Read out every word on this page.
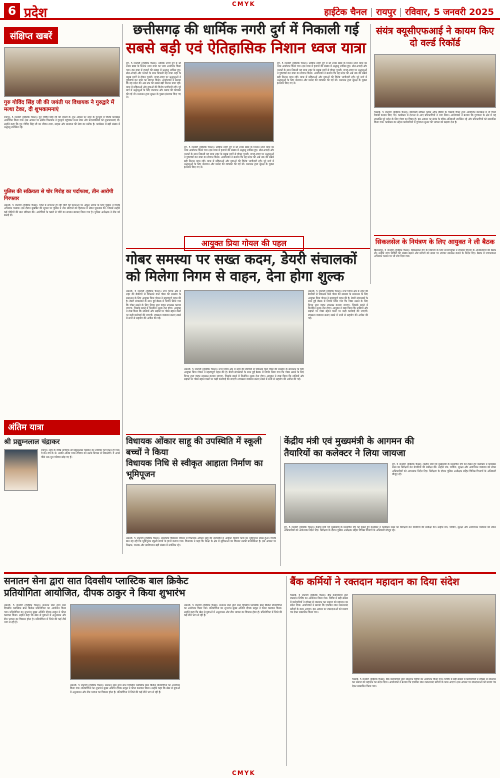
CMYK
6 प्रदेश	हाईटेक चैनल | रायपुर | रविवार, 5 जनवरी 2025
संक्षिप्त खबरें
गुरु गोविंद सिंह जी की जयंती पर विधायक ने गुरुद्वारे में मत्था टेका, दी शुभकामनाएं
रायपुर, 5 जनवरी (हाईटेक चैनल)। गुरु गोविंद सिंह जी की जयंती के शुभ अवसर पर शहर के गुरुद्वारे में विशेष कार्यक्रम आयोजित किया गया। इस अवसर पर क्षेत्रीय विधायक ने गुरुद्वारे पहुंचकर मत्था टेका और प्रदेशवासियों को शुभकामनाएं दीं। उन्होंने कहा कि गुरु गोविंद सिंह जी का जीवन त्याग, साहस और मानवता की सेवा का प्रतीक है। कार्यक्रम में बड़ी संख्या में श्रद्धालु उपस्थित रहे।
पुलिस की सक्रियता से चोर गिरोह का पर्दाफाश, तीन आरोपी गिरफ्तार
धमतरी, 5 जनवरी (हाईटेक चैनल)। जिले में लगातार हो रही चोरी की घटनाओं पर अंकुश लगाने के लिए पुलिस ने विशेष अभियान चलाया। इस दौरान मुखबिर की सूचना पर पुलिस ने तीन संदिग्धों को हिरासत में लेकर पूछताछ की, जिसमें उन्होंने कई चोरियों की बात स्वीकार की। आरोपियों के कब्जे से चोरी का सामान बरामद किया गया है। पुलिस अधीक्षक ने टीम को बधाई दी।
अंतिम यात्रा
श्री प्रद्युम्नलाल चंद्राकर
रायपुर। शहर के वरिष्ठ नागरिक श्री प्रद्युम्नलाल चंद्राकर का शनिवार को निधन हो गया। वे 84 वर्ष के थे। उनकी अंतिम यात्रा रविवार को उनके निवास से निकलेगी। वे अपने पीछे भरा-पूरा परिवार छोड़ गए हैं।
छत्तीसगढ़ की धार्मिक नगरी दुर्ग में निकाली गई
सबसे बड़ी एवं ऐतिहासिक निशान ध्वज यात्रा
दुर्ग, 5 जनवरी (हाईटेक चैनल)। धार्मिक नगरी दुर्ग में श्री श्याम बाबा के निशान ध्वज यात्रा का भव्य आयोजन किया गया। इस यात्रा में हजारों की संख्या में श्रद्धालु शामिल हुए। ढोल-नगाड़ों और भजनों के साथ निकली यह यात्रा शहर के प्रमुख मार्गों से होकर गुजरी। जगह-जगह पर श्रद्धालुओं ने पुष्पवर्षा कर यात्रा का स्वागत किया। आयोजकों ने बताया कि यह प्रदेश की अब तक की सबसे बड़ी निशान यात्रा रही। यात्रा में महिलाओं और युवाओं की विशेष भागीदारी रही। पूरे मार्ग में श्रद्धालुओं के लिए जलपान और प्रसाद की व्यवस्था की गई थी। प्रशासन द्वारा सुरक्षा के पुख्ता इंतजाम किए गए थे।
दुर्ग, 5 जनवरी (हाईटेक चैनल)। धार्मिक नगरी दुर्ग में श्री श्याम बाबा के निशान ध्वज यात्रा का भव्य आयोजन किया गया। इस यात्रा में हजारों की संख्या में श्रद्धालु शामिल हुए। ढोल-नगाड़ों और भजनों के साथ निकली यह यात्रा शहर के प्रमुख मार्गों से होकर गुजरी। जगह-जगह पर श्रद्धालुओं ने पुष्पवर्षा कर यात्रा का स्वागत किया। आयोजकों ने बताया कि यह प्रदेश की अब तक की सबसे बड़ी निशान यात्रा रही। यात्रा में महिलाओं और युवाओं की विशेष भागीदारी रही। पूरे मार्ग में श्रद्धालुओं के लिए जलपान और प्रसाद की व्यवस्था की गई थी। प्रशासन द्वारा सुरक्षा के पुख्ता इंतजाम किए गए थे।
दुर्ग, 5 जनवरी (हाईटेक चैनल)। धार्मिक नगरी दुर्ग में श्री श्याम बाबा के निशान ध्वज यात्रा का भव्य आयोजन किया गया। इस यात्रा में हजारों की संख्या में श्रद्धालु शामिल हुए। ढोल-नगाड़ों और भजनों के साथ निकली यह यात्रा शहर के प्रमुख मार्गों से होकर गुजरी। जगह-जगह पर श्रद्धालुओं ने पुष्पवर्षा कर यात्रा का स्वागत किया। आयोजकों ने बताया कि यह प्रदेश की अब तक की सबसे बड़ी निशान यात्रा रही। यात्रा में महिलाओं और युवाओं की विशेष भागीदारी रही। पूरे मार्ग में श्रद्धालुओं के लिए जलपान और प्रसाद की व्यवस्था की गई थी। प्रशासन द्वारा सुरक्षा के पुख्ता इंतजाम किए गए थे।
आयुक्त प्रिया गोयल की पहल
संयंत्र क्यूसीएफआई ने कायम किए दो वर्ल्ड रिकॉर्ड
भिलाई, 5 जनवरी (हाईटेक चैनल)। क्वालिटी सर्किल फोरम ऑफ इंडिया के भिलाई चैप्टर द्वारा आयोजित कार्यक्रम में दो विश्व रिकॉर्ड कायम किए गए। कार्यक्रम में देशभर से आए प्रतिभागियों ने भाग लिया। आयोजकों ने बताया कि गुणवत्ता के क्षेत्र में यह उपलब्धि पूरे प्रदेश के लिए गौरव का विषय है। इस अवसर पर संयंत्र के वरिष्ठ अधिकारी उपस्थित रहे और प्रतिभागियों को सम्मानित किया गया। कार्यक्रम का उद्देश्य कर्मचारियों में गुणवत्ता सुधार की भावना को बढ़ावा देना है।
सिकलसेल के नियंत्रण के लिए आयुक्त ने ली बैठक
बिलासपुर, 5 जनवरी (हाईटेक चैनल)। सिकलसेल रोग के नियंत्रण के लिए संभागायुक्त ने स्वास्थ्य विभाग के अधिकारियों की बैठक ली। उन्होंने जांच शिविरों की संख्या बढ़ाने और मरीजों को समय पर उपचार उपलब्ध कराने के निर्देश दिए। बैठक में जागरूकता अभियान चलाने पर भी जोर दिया गया।
गोबर समस्या पर सख्त कदम, डेयरी संचालकों
को मिलेगा निगम से वाहन, देना होगा शुल्क
धमतरी, 5 जनवरी (हाईटेक चैनल)। नगर निगम क्षेत्र में शहर की डेयरियों से निकलने वाले गोबर की समस्या के समाधान के लिए आयुक्त प्रिया गोयल ने महत्वपूर्ण पहल की है। डेयरी संचालकों के साथ हुई बैठक में निर्णय लिया गया कि गोबर उठाने के लिए निगम द्वारा वाहन उपलब्ध कराया जाएगा, जिसके बदले में निर्धारित शुल्क देना होगा। आयुक्त ने स्पष्ट किया कि नालियों और सड़कों पर गोबर बहाने वालों पर कड़ी कार्रवाई की जाएगी। स्वच्छता व्यवस्था बनाए रखने में सभी से सहयोग की अपील की गई।
धमतरी, 5 जनवरी (हाईटेक चैनल)। नगर निगम क्षेत्र में शहर की डेयरियों से निकलने वाले गोबर की समस्या के समाधान के लिए आयुक्त प्रिया गोयल ने महत्वपूर्ण पहल की है। डेयरी संचालकों के साथ हुई बैठक में निर्णय लिया गया कि गोबर उठाने के लिए निगम द्वारा वाहन उपलब्ध कराया जाएगा, जिसके बदले में निर्धारित शुल्क देना होगा। आयुक्त ने स्पष्ट किया कि नालियों और सड़कों पर गोबर बहाने वालों पर कड़ी कार्रवाई की जाएगी। स्वच्छता व्यवस्था बनाए रखने में सभी से सहयोग की अपील की गई।
धमतरी, 5 जनवरी (हाईटेक चैनल)। नगर निगम क्षेत्र में शहर की डेयरियों से निकलने वाले गोबर की समस्या के समाधान के लिए आयुक्त प्रिया गोयल ने महत्वपूर्ण पहल की है। डेयरी संचालकों के साथ हुई बैठक में निर्णय लिया गया कि गोबर उठाने के लिए निगम द्वारा वाहन उपलब्ध कराया जाएगा, जिसके बदले में निर्धारित शुल्क देना होगा। आयुक्त ने स्पष्ट किया कि नालियों और सड़कों पर गोबर बहाने वालों पर कड़ी कार्रवाई की जाएगी। स्वच्छता व्यवस्था बनाए रखने में सभी से सहयोग की अपील की गई।
विधायक ओंकार साहू की उपस्थिति में स्कूली बच्चों ने किया
विधायक निधि से स्वीकृत आहाता निर्माण का भूमिपूजन
धमतरी, 5 जनवरी (हाईटेक चैनल)। शासकीय विद्यालय परिसर में विधायक ओंकार साहू की उपस्थिति में आहाता निर्माण कार्य का भूमिपूजन संपन्न हुआ। विशेष बात यह रही कि भूमिपूजन स्कूली बच्चों के हाथों कराया गया। विधायक ने कहा कि शिक्षा के क्षेत्र में सुविधाओं का विस्तार उनकी प्राथमिकता है। इस अवसर पर शिक्षक, पालक और ग्रामीणजन बड़ी संख्या में उपस्थित रहे।
केंद्रीय मंत्री एवं मुख्यमंत्री के आगमन की
तैयारियों का कलेक्टर ने लिया जायजा
दुर्ग, 5 जनवरी (हाईटेक चैनल)। केंद्रीय मंत्री एवं मुख्यमंत्री के प्रस्तावित दौरे को देखते हुए कलेक्टर ने कार्यक्रम स्थल का निरीक्षण कर तैयारियों की समीक्षा की। उन्होंने मंच, पार्किंग, सुरक्षा और आवागमन व्यवस्था को लेकर अधिकारियों को आवश्यक निर्देश दिए। निरीक्षण के दौरान पुलिस अधीक्षक सहित विभिन्न विभागों के अधिकारी मौजूद रहे।
दुर्ग, 5 जनवरी (हाईटेक चैनल)। केंद्रीय मंत्री एवं मुख्यमंत्री के प्रस्तावित दौरे को देखते हुए कलेक्टर ने कार्यक्रम स्थल का निरीक्षण कर तैयारियों की समीक्षा की। उन्होंने मंच, पार्किंग, सुरक्षा और आवागमन व्यवस्था को लेकर अधिकारियों को आवश्यक निर्देश दिए। निरीक्षण के दौरान पुलिस अधीक्षक सहित विभिन्न विभागों के अधिकारी मौजूद रहे।
सनातन सेना द्वारा सात दिवसीय प्लास्टिक बाल क्रिकेट
प्रतियोगिता आयोजित, दीपक ठाकुर ने किया शुभारंभ
धमतरी, 5 जनवरी (हाईटेक चैनल)। सनातन सेना द्वारा सात दिवसीय प्लास्टिक बाल क्रिकेट प्रतियोगिता का आयोजन किया गया। प्रतियोगिता का शुभारंभ मुख्य अतिथि दीपक ठाकुर ने फीता काटकर किया। उन्होंने कहा कि खेल से युवाओं में अनुशासन और टीम भावना का विकास होता है। प्रतियोगिता में जिले की कई टीमें भाग ले रही हैं।
धमतरी, 5 जनवरी (हाईटेक चैनल)। सनातन सेना द्वारा सात दिवसीय प्लास्टिक बाल क्रिकेट प्रतियोगिता का आयोजन किया गया। प्रतियोगिता का शुभारंभ मुख्य अतिथि दीपक ठाकुर ने फीता काटकर किया। उन्होंने कहा कि खेल से युवाओं में अनुशासन और टीम भावना का विकास होता है। प्रतियोगिता में जिले की कई टीमें भाग ले रही हैं।
धमतरी, 5 जनवरी (हाईटेक चैनल)। सनातन सेना द्वारा सात दिवसीय प्लास्टिक बाल क्रिकेट प्रतियोगिता का आयोजन किया गया। प्रतियोगिता का शुभारंभ मुख्य अतिथि दीपक ठाकुर ने फीता काटकर किया। उन्होंने कहा कि खेल से युवाओं में अनुशासन और टीम भावना का विकास होता है। प्रतियोगिता में जिले की कई टीमें भाग ले रही हैं।
बैंक कर्मियों ने रक्तदान महादान का दिया संदेश
भिलाई, 5 जनवरी (हाईटेक चैनल)। बैंक कर्मचारियों द्वारा रक्तदान शिविर का आयोजन किया गया। शिविर में बड़ी संख्या में कर्मचारियों ने स्वेच्छा से रक्तदान कर समाज को महादान का संदेश दिया। आयोजकों ने बताया कि एकत्रित रक्त जरूरतमंद मरीजों के काम आएगा। इस अवसर पर रक्तदाताओं को प्रमाण पत्र देकर सम्मानित किया गया।
भिलाई, 5 जनवरी (हाईटेक चैनल)। बैंक कर्मचारियों द्वारा रक्तदान शिविर का आयोजन किया गया। शिविर में बड़ी संख्या में कर्मचारियों ने स्वेच्छा से रक्तदान कर समाज को महादान का संदेश दिया। आयोजकों ने बताया कि एकत्रित रक्त जरूरतमंद मरीजों के काम आएगा। इस अवसर पर रक्तदाताओं को प्रमाण पत्र देकर सम्मानित किया गया।
CMYK
